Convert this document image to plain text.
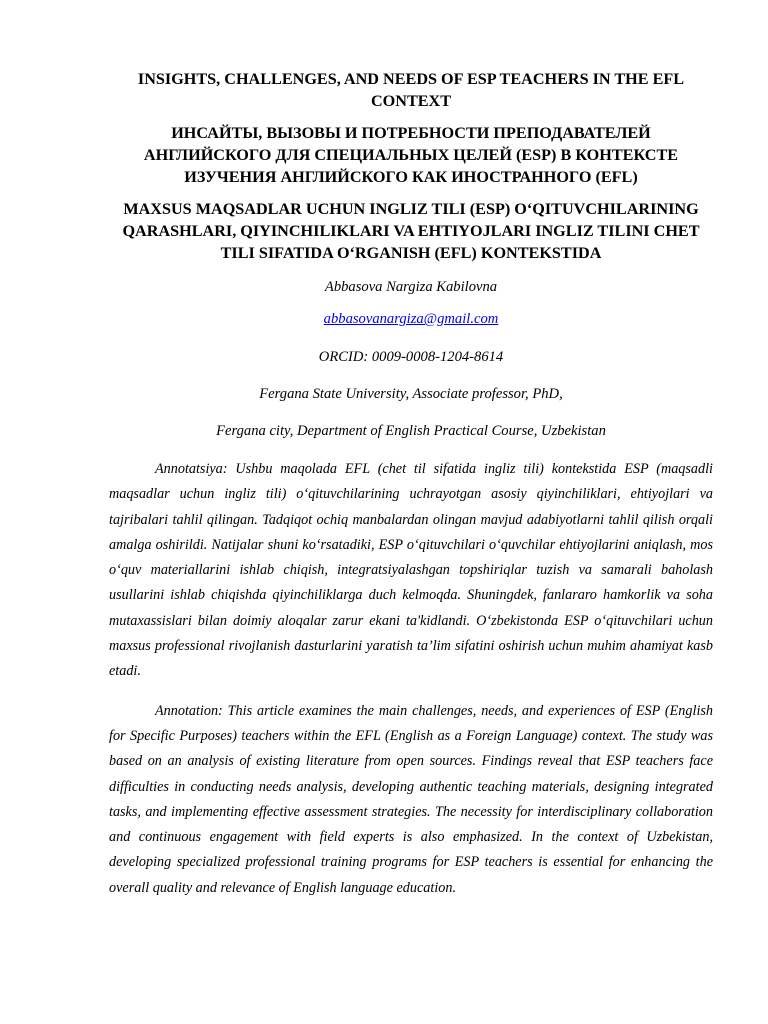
INSIGHTS, CHALLENGES, AND NEEDS OF ESP TEACHERS IN THE EFL CONTEXT
ИНСАЙТЫ, ВЫЗОВЫ И ПОТРЕБНОСТИ ПРЕПОДАВАТЕЛЕЙ АНГЛИЙСКОГО ДЛЯ СПЕЦИАЛЬНЫХ ЦЕЛЕЙ (ESP) В КОНТЕКСТЕ ИЗУЧЕНИЯ АНГЛИЙСКОГО КАК ИНОСТРАННОГО (EFL)
MAXSUS MAQSADLAR UCHUN INGLIZ TILI (ESP) O‘QITUVCHILARINING QARASHLARI, QIYINCHILIKLARI VA EHTIYOJLARI INGLIZ TILINI CHET TILI SIFATIDA O‘RGANISH (EFL) KONTEKSTIDA

Abbasova Nargiza Kabilovna

abbasovanargiza@gmail.com

ORCID: 0009-0008-1204-8614

Fergana State University, Associate professor, PhD,

Fergana city, Department of English Practical Course, Uzbekistan

Annotatsiya: Ushbu maqolada EFL (chet til sifatida ingliz tili) kontekstida ESP (maqsadli maqsadlar uchun ingliz tili) o‘qituvchilarining uchrayotgan asosiy qiyinchiliklari, ehtiyojlari va tajribalari tahlil qilingan. Tadqiqot ochiq manbalardan olingan mavjud adabiyotlarni tahlil qilish orqali amalga oshirildi. Natijalar shuni ko‘rsatadiki, ESP o‘qituvchilari o‘quvchilar ehtiyojlarini aniqlash, mos o‘quv materiallarini ishlab chiqish, integratsiyalashgan topshiriqlar tuzish va samarali baholash usullarini ishlab chiqishda qiyinchiliklarga duch kelmoqda. Shuningdek, fanlararo hamkorlik va soha mutaxassislari bilan doimiy aloqalar zarur ekani ta'kidlandi. O‘zbekistonda ESP o‘qituvchilari uchun maxsus professional rivojlanish dasturlarini yaratish ta’lim sifatini oshirish uchun muhim ahamiyat kasb etadi.

Annotation: This article examines the main challenges, needs, and experiences of ESP (English for Specific Purposes) teachers within the EFL (English as a Foreign Language) context. The study was based on an analysis of existing literature from open sources. Findings reveal that ESP teachers face difficulties in conducting needs analysis, developing authentic teaching materials, designing integrated tasks, and implementing effective assessment strategies. The necessity for interdisciplinary collaboration and continuous engagement with field experts is also emphasized. In the context of Uzbekistan, developing specialized professional training programs for ESP teachers is essential for enhancing the overall quality and relevance of English language education.
